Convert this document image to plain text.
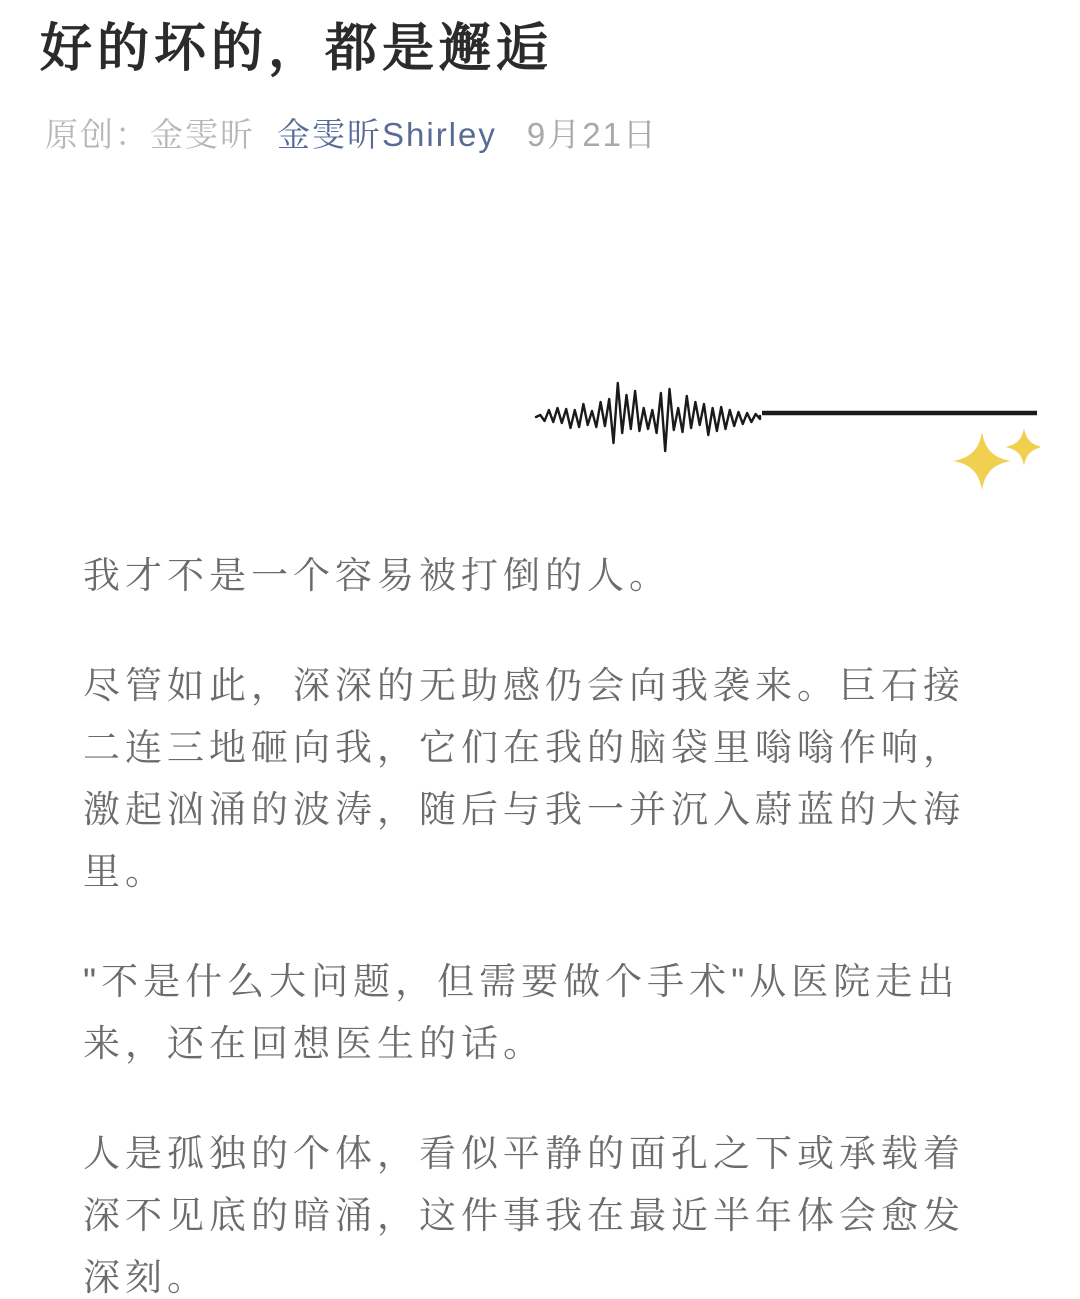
好的坏的，都是邂逅
原创：金雯昕 金雯昕Shirley 9月21日
我才不是一个容易被打倒的人。
尽管如此，深深的无助感仍会向我袭来。巨石接
二连三地砸向我，它们在我的脑袋里嗡嗡作响，
激起汹涌的波涛，随后与我一并沉入蔚蓝的大海
里。
"不是什么大问题，但需要做个手术"从医院走出
来，还在回想医生的话。
人是孤独的个体，看似平静的面孔之下或承载着
深不见底的暗涌，这件事我在最近半年体会愈发
深刻。
